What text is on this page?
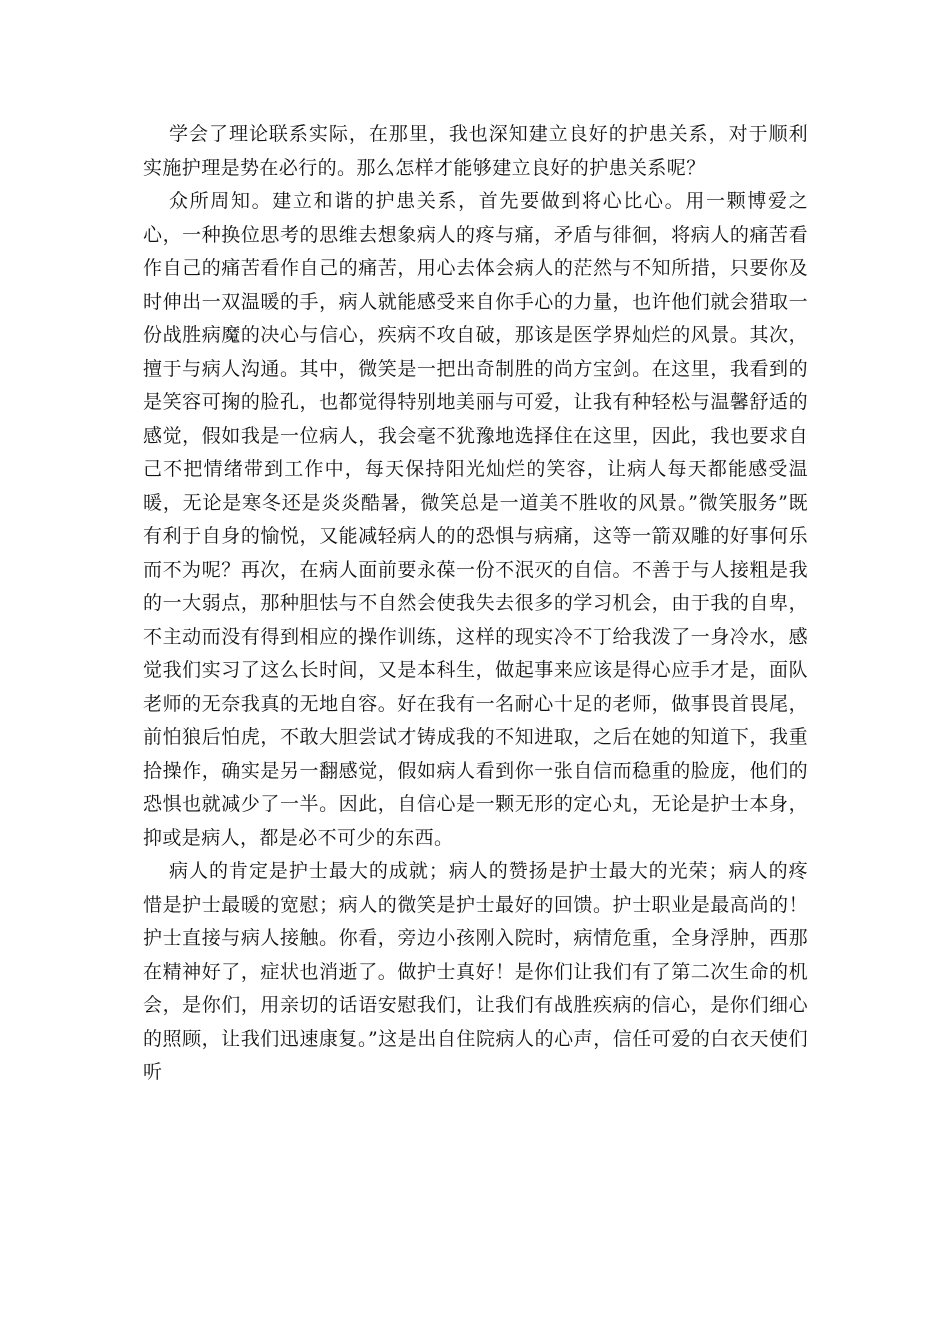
学会了理论联系实际，在那里，我也深知建立良好的护患关系，对于顺利实施护理是势在必行的。那么怎样才能够建立良好的护患关系呢？

众所周知。建立和谐的护患关系，首先要做到将心比心。用一颗博爱之心，一种换位思考的思维去想象病人的疼与痛，矛盾与徘徊，将病人的痛苦看作自己的痛苦看作自己的痛苦，用心去体会病人的茫然与不知所措，只要你及时伸出一双温暖的手，病人就能感受来自你手心的力量，也许他们就会猎取一份战胜病魔的决心与信心，疾病不攻自破，那该是医学界灿烂的风景。其次，擅于与病人沟通。其中，微笑是一把出奇制胜的尚方宝剑。在这里，我看到的是笑容可掬的脸孔，也都觉得特别地美丽与可爱，让我有种轻松与温馨舒适的感觉，假如我是一位病人，我会毫不犹豫地选择住在这里，因此，我也要求自己不把情绪带到工作中，每天保持阳光灿烂的笑容，让病人每天都能感受温暖，无论是寒冬还是炎炎酷暑，微笑总是一道美不胜收的风景。”微笑服务”既有利于自身的愉悦，又能减轻病人的的恐惧与病痛，这等一箭双雕的好事何乐而不为呢？再次，在病人面前要永葆一份不泯灭的自信。不善于与人接粗是我的一大弱点，那种胆怯与不自然会使我失去很多的学习机会，由于我的自卑，不主动而没有得到相应的操作训练，这样的现实冷不丁给我泼了一身冷水，感觉我们实习了这么长时间，又是本科生，做起事来应该是得心应手才是，面队老师的无奈我真的无地自容。好在我有一名耐心十足的老师，做事畏首畏尾，前怕狼后怕虎，不敢大胆尝试才铸成我的不知进取，之后在她的知道下，我重拾操作，确实是另一翻感觉，假如病人看到你一张自信而稳重的脸庞，他们的恐惧也就减少了一半。因此，自信心是一颗无形的定心丸，无论是护士本身，抑或是病人，都是必不可少的东西。

病人的肯定是护士最大的成就；病人的赞扬是护士最大的光荣；病人的疼惜是护士最暖的宽慰；病人的微笑是护士最好的回馈。护士职业是最高尚的！护士直接与病人接触。你看，旁边小孩刚入院时，病情危重，全身浮肿，西那在精神好了，症状也消逝了。做护士真好！是你们让我们有了第二次生命的机会，是你们，用亲切的话语安慰我们，让我们有战胜疾病的信心，是你们细心的照顾，让我们迅速康复。”这是出自住院病人的心声，信任可爱的白衣天使们听
